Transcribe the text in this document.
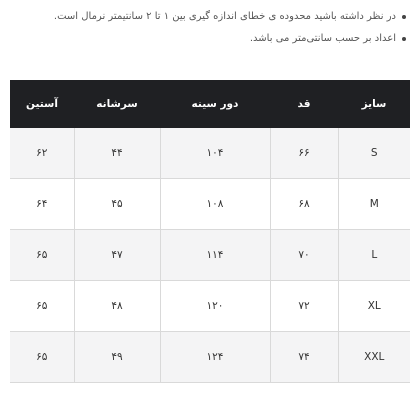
در نظر داشته باشید محدوده ی خطای اندازه گیری بین ۱ تا ۲ سانتیمتر نرمال است.
اعداد بر حسب سانتی‌متر می باشد.
سایز	قد	دور سینه	سرشانه	آستین
S	۶۶	۱۰۴	۴۴	۶۲
M	۶۸	۱۰۸	۴۵	۶۴
L	۷۰	۱۱۴	۴۷	۶۵
XL	۷۲	۱۲۰	۴۸	۶۵
XXL	۷۴	۱۲۴	۴۹	۶۵
